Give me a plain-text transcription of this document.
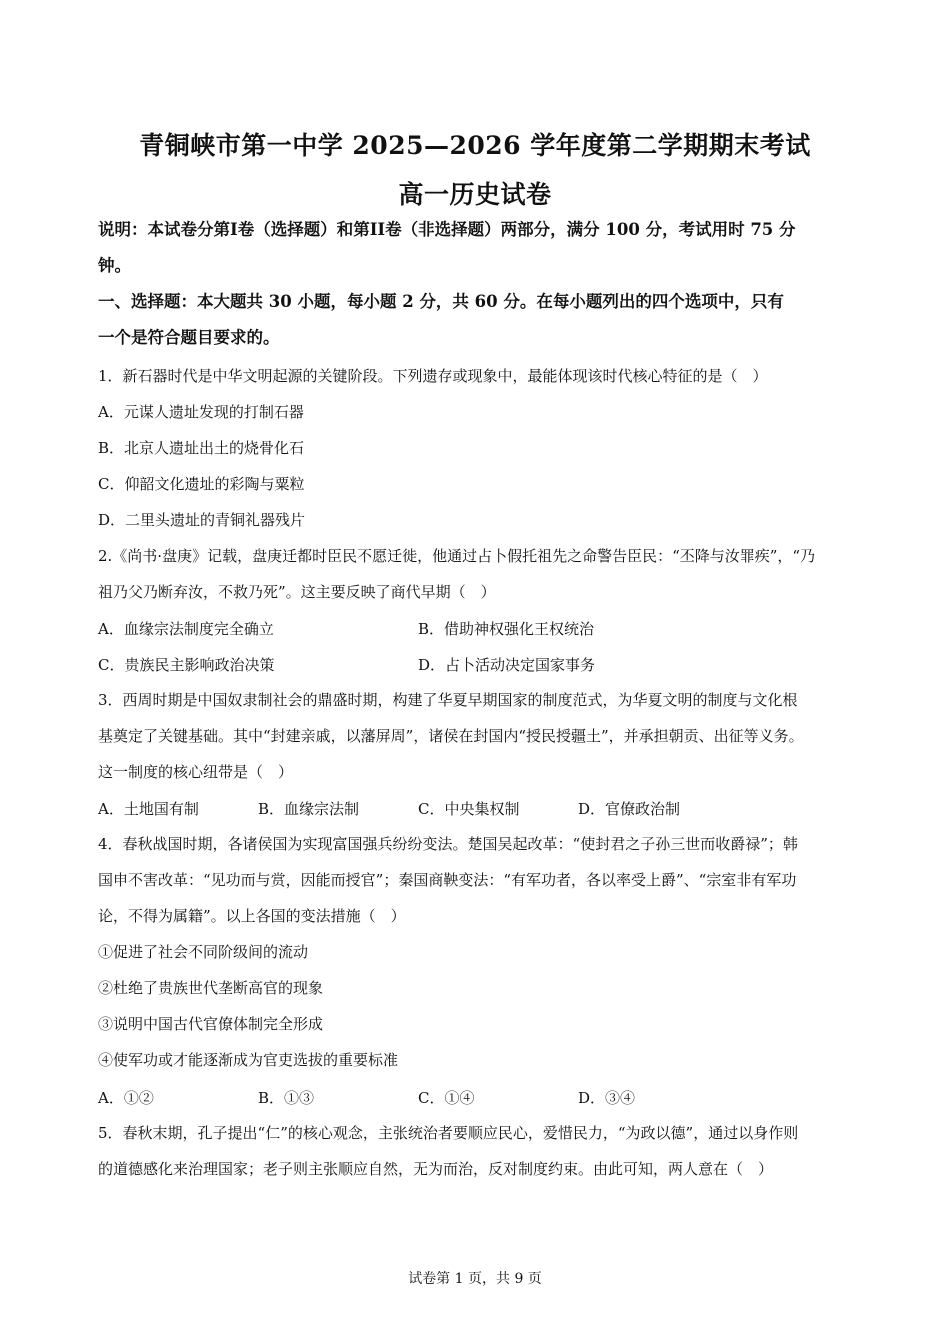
青铜峡市第一中学 2025—2026 学年度第二学期期末考试
高一历史试卷
说明：本试卷分第I卷（选择题）和第II卷（非选择题）两部分，满分 100 分，考试用时 75 分
钟。
一、选择题：本大题共 30 小题，每小题 2 分，共 60 分。在每小题列出的四个选项中，只有
一个是符合题目要求的。
1．新石器时代是中华文明起源的关键阶段。下列遗存或现象中，最能体现该时代核心特征的是（　）
A．元谋人遗址发现的打制石器
B．北京人遗址出土的烧骨化石
C．仰韶文化遗址的彩陶与粟粒
D．二里头遗址的青铜礼器残片
2.《尚书·盘庚》记载，盘庚迁都时臣民不愿迁徙，他通过占卜假托祖先之命警告臣民：“丕降与汝罪疾”，“乃
祖乃父乃断弃汝，不救乃死”。这主要反映了商代早期（　）
A．血缘宗法制度完全确立	B．借助神权强化王权统治
C．贵族民主影响政治决策	D．占卜活动决定国家事务
3．西周时期是中国奴隶制社会的鼎盛时期，构建了华夏早期国家的制度范式，为华夏文明的制度与文化根
基奠定了关键基础。其中“封建亲戚，以藩屏周”，诸侯在封国内“授民授疆土”，并承担朝贡、出征等义务。
这一制度的核心纽带是（　）
A．土地国有制	B．血缘宗法制	C．中央集权制	D．官僚政治制
4．春秋战国时期，各诸侯国为实现富国强兵纷纷变法。楚国吴起改革：“使封君之子孙三世而收爵禄”；韩
国申不害改革：“见功而与赏，因能而授官”；秦国商鞅变法：“有军功者，各以率受上爵”、“宗室非有军功
论，不得为属籍”。以上各国的变法措施（　）
①促进了社会不同阶级间的流动
②杜绝了贵族世代垄断高官的现象
③说明中国古代官僚体制完全形成
④使军功或才能逐渐成为官吏选拔的重要标准
A．①②	B．①③	C．①④	D．③④
5．春秋末期，孔子提出“仁”的核心观念，主张统治者要顺应民心，爱惜民力，“为政以德”，通过以身作则
的道德感化来治理国家；老子则主张顺应自然，无为而治，反对制度约束。由此可知，两人意在（　）
试卷第 1 页，共 9 页
